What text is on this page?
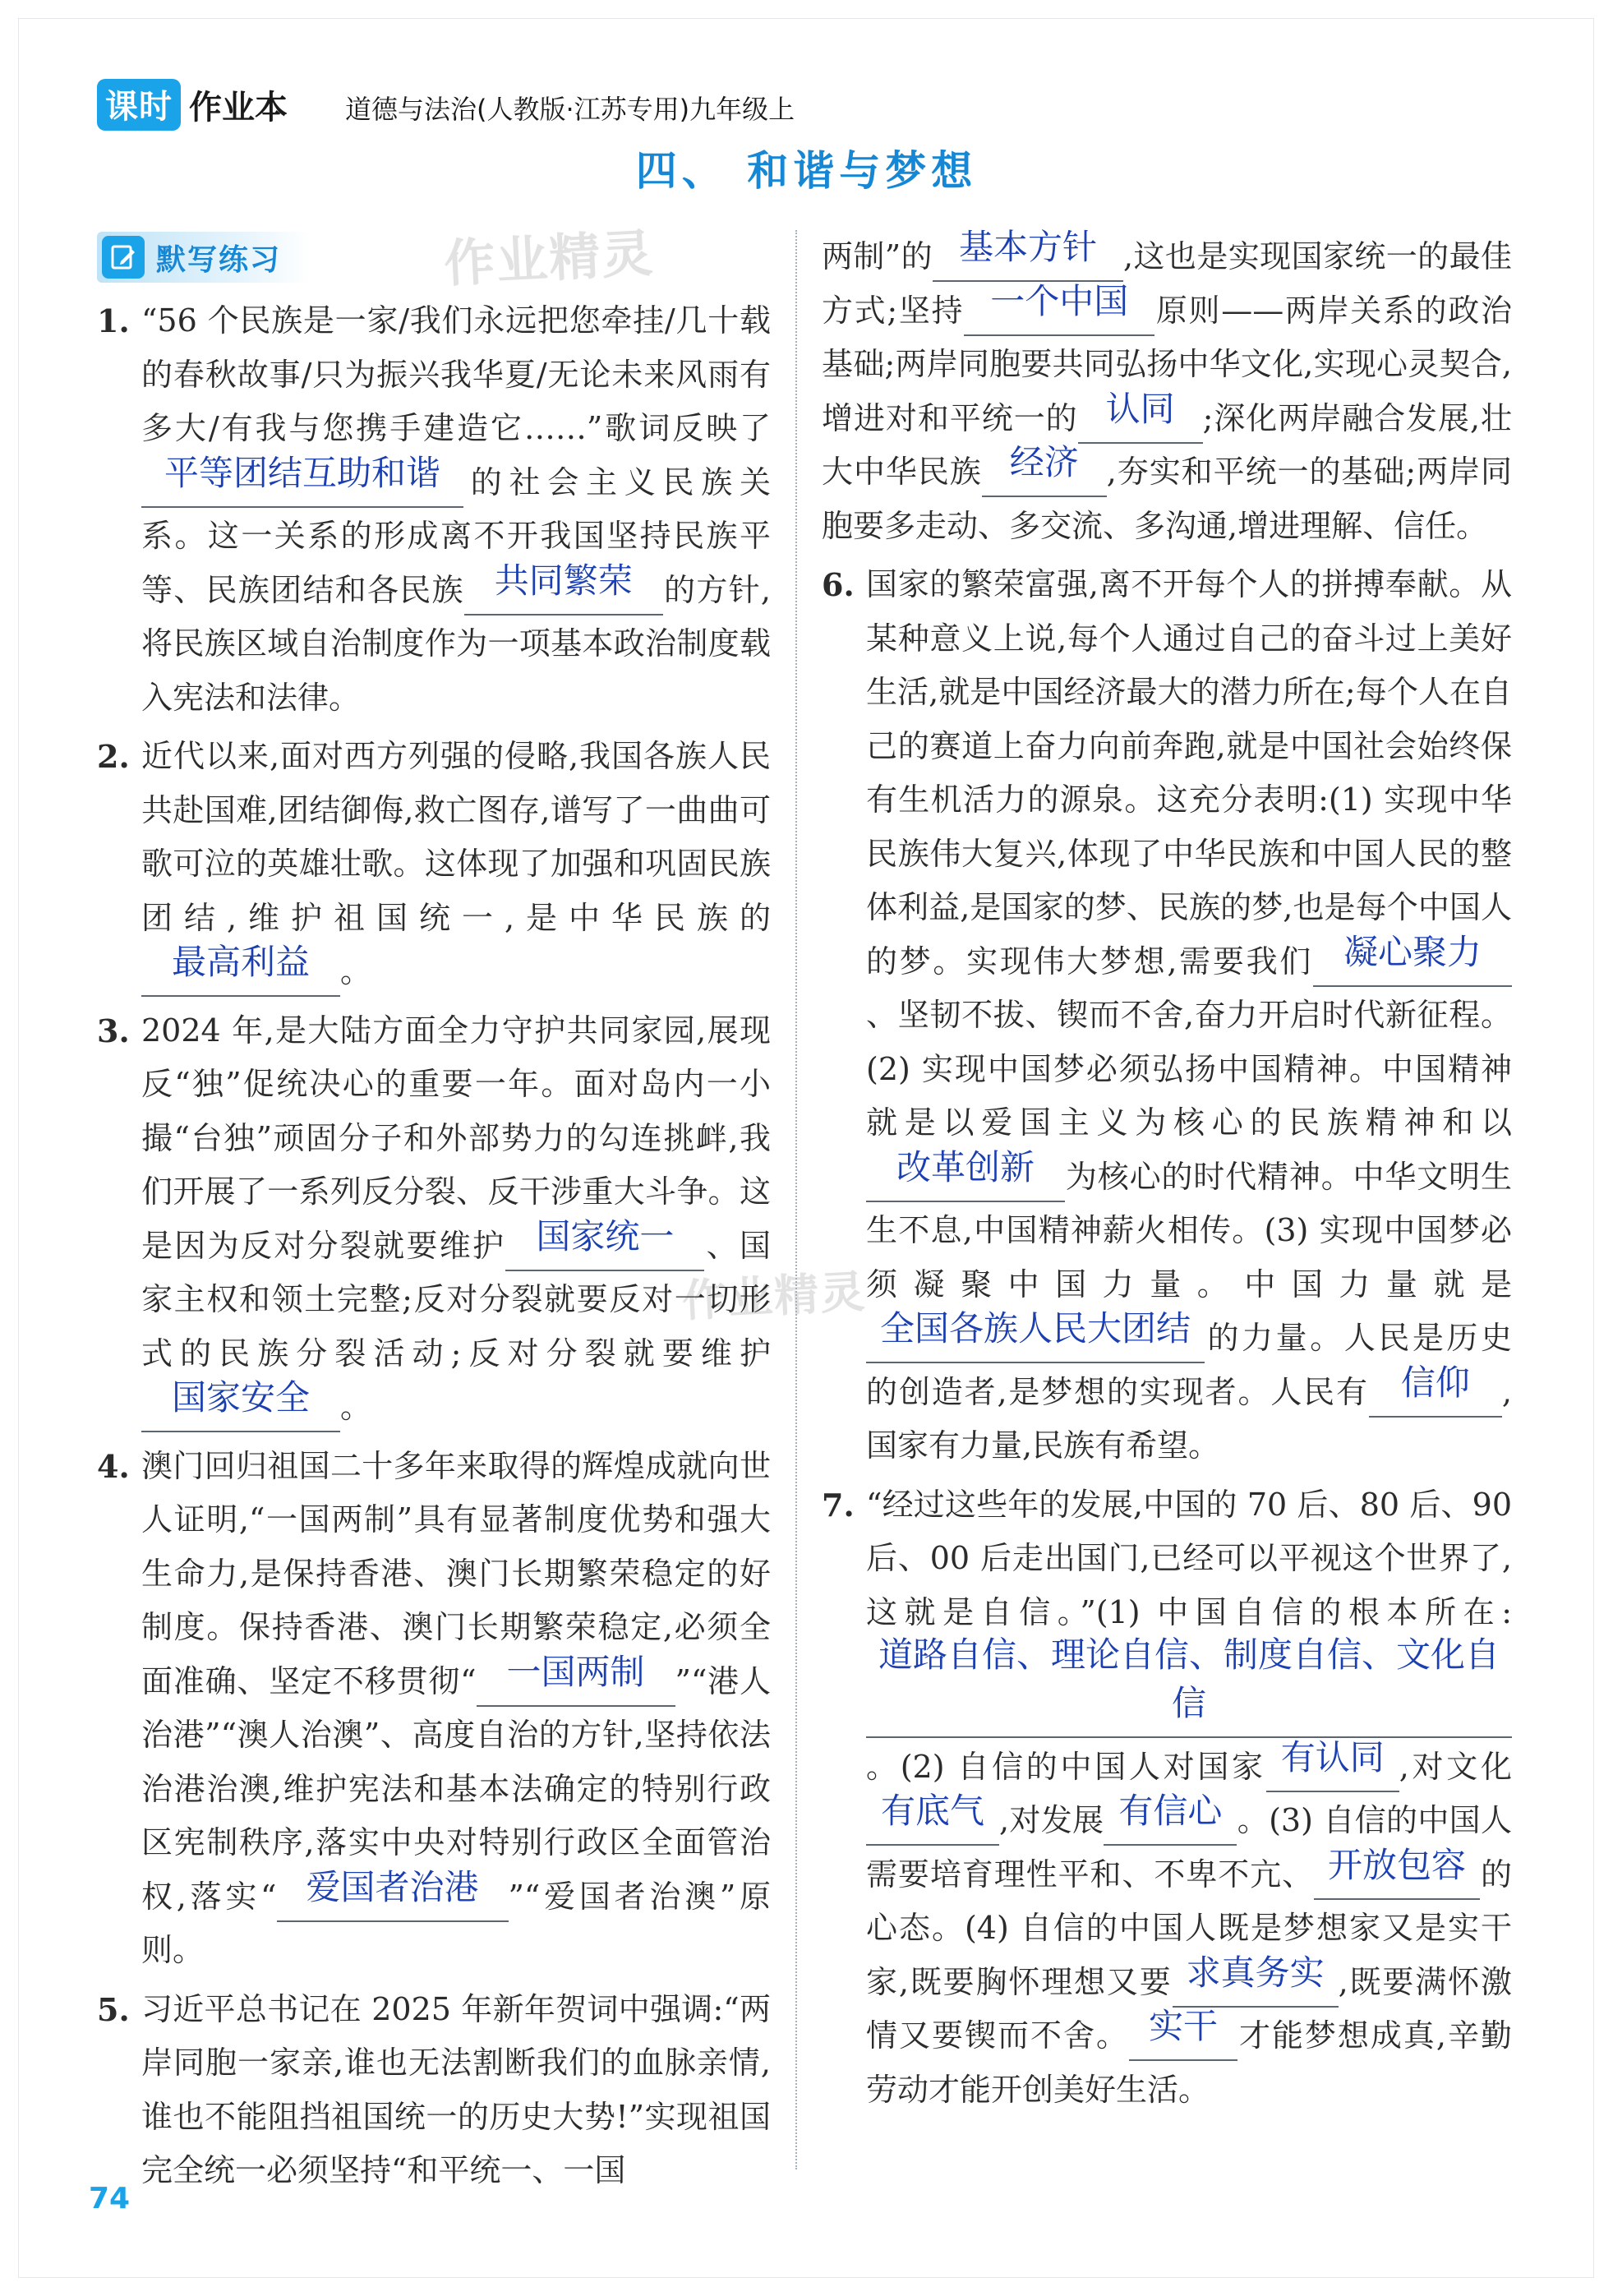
课时 作业本 道德与法治(人教版·江苏专用)九年级上
四、 和谐与梦想
默写练习	作业精灵
作业精灵
1. “56 个民族是一家/我们永远把您牵挂/几十载的春秋故事/只为振兴我华夏/无论未来风雨有多大/有我与您携手建造它……”歌词反映了平等团结互助和谐 的社会主义民族关系。这一关系的形成离不开我国坚持民族平等、民族团结和各民族 共同繁荣 的方针,将民族区域自治制度作为一项基本政治制度载入宪法和法律。

2. 近代以来,面对西方列强的侵略,我国各族人民共赴国难,团结御侮,救亡图存,谱写了一曲曲可歌可泣的英雄壮歌。这体现了加强和巩固民族团结,维护祖国统一,是中华民族的最高利益 。

3. 2024 年,是大陆方面全力守护共同家园,展现反“独”促统决心的重要一年。面对岛内一小撮“台独”顽固分子和外部势力的勾连挑衅,我们开展了一系列反分裂、反干涉重大斗争。这是因为反对分裂就要维护 国家统一 、国家主权和领土完整;反对分裂就要反对一切形式的民族分裂活动;反对分裂就要维护国家安全 。

4. 澳门回归祖国二十多年来取得的辉煌成就向世人证明,“一国两制”具有显著制度优势和强大生命力,是保持香港、澳门长期繁荣稳定的好制度。保持香港、澳门长期繁荣稳定,必须全面准确、坚定不移贯彻“ 一国两制 ”“港人治港”“澳人治澳”、高度自治的方针,坚持依法治港治澳,维护宪法和基本法确定的特别行政区宪制秩序,落实中央对特别行政区全面管治权,落实“ 爱国者治港 ”“爱国者治澳”原则。

5. 习近平总书记在 2025 年新年贺词中强调:“两岸同胞一家亲,谁也无法割断我们的血脉亲情,谁也不能阻挡祖国统一的历史大势!”实现祖国完全统一必须坚持“和平统一、一国

两制”的 基本方针 ,这也是实现国家统一的最佳方式;坚持 一个中国 原则——两岸关系的政治基础;两岸同胞要共同弘扬中华文化,实现心灵契合,增进对和平统一的 认同 ;深化两岸融合发展,壮大中华民族 经济 ,夯实和平统一的基础;两岸同胞要多走动、多交流、多沟通,增进理解、信任。

6. 国家的繁荣富强,离不开每个人的拼搏奉献。从某种意义上说,每个人通过自己的奋斗过上美好生活,就是中国经济最大的潜力所在;每个人在自己的赛道上奋力向前奔跑,就是中国社会始终保有生机活力的源泉。这充分表明:(1) 实现中华民族伟大复兴,体现了中华民族和中国人民的整体利益,是国家的梦、民族的梦,也是每个中国人的梦。实现伟大梦想,需要我们 凝心聚力、坚韧不拔、锲而不舍,奋力开启时代新征程。(2) 实现中国梦必须弘扬中国精神。中国精神就是以爱国主义为核心的民族精神和以改革创新 为核心的时代精神。中华文明生生不息,中国精神薪火相传。(3) 实现中国梦必须凝聚中国力量。中国力量就是全国各族人民大团结 的力量。人民是历史的创造者,是梦想的实现者。人民有 信仰 ,国家有力量,民族有希望。

7. “经过这些年的发展,中国的 70 后、80 后、90 后、00 后走出国门,已经可以平视这个世界了,这就是自信。”(1) 中国自信的根本所在:道路自信、理论自信、制度自信、文化自信。(2) 自信的中国人对国家 有认同 ,对文化有底气 ,对发展 有信心 。(3) 自信的中国人需要培育理性平和、不卑不亢、 开放包容 的心态。(4) 自信的中国人既是梦想家又是实干家,既要胸怀理想又要 求真务实 ,既要满怀激情又要锲而不舍。 实干 才能梦想成真,辛勤劳动才能开创美好生活。

74
